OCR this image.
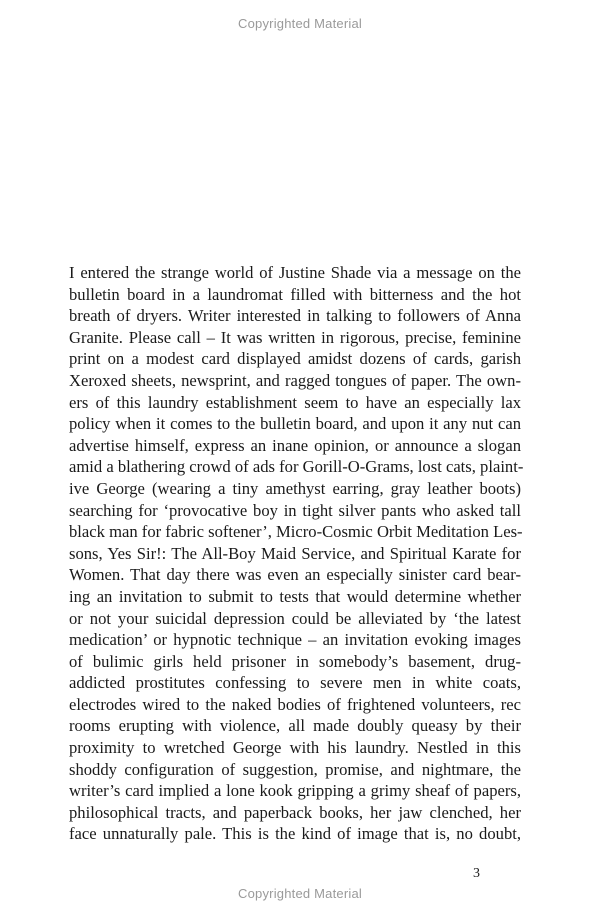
Copyrighted Material
I entered the strange world of Justine Shade via a message on the
bulletin board in a laundromat filled with bitterness and the hot
breath of dryers. Writer interested in talking to followers of Anna
Granite. Please call – It was written in rigorous, precise, feminine
print on a modest card displayed amidst dozens of cards, garish
Xeroxed sheets, newsprint, and ragged tongues of paper. The own-
ers of this laundry establishment seem to have an especially lax
policy when it comes to the bulletin board, and upon it any nut can
advertise himself, express an inane opinion, or announce a slogan
amid a blathering crowd of ads for Gorill-O-Grams, lost cats, plaint-
ive George (wearing a tiny amethyst earring, gray leather boots)
searching for ‘provocative boy in tight silver pants who asked tall
black man for fabric softener’, Micro-Cosmic Orbit Meditation Les-
sons, Yes Sir!: The All-Boy Maid Service, and Spiritual Karate for
Women. That day there was even an especially sinister card bear-
ing an invitation to submit to tests that would determine whether
or not your suicidal depression could be alleviated by ‘the latest
medication’ or hypnotic technique – an invitation evoking images
of bulimic girls held prisoner in somebody’s basement, drug-
addicted prostitutes confessing to severe men in white coats,
electrodes wired to the naked bodies of frightened volunteers, rec
rooms erupting with violence, all made doubly queasy by their
proximity to wretched George with his laundry. Nestled in this
shoddy configuration of suggestion, promise, and nightmare, the
writer’s card implied a lone kook gripping a grimy sheaf of papers,
philosophical tracts, and paperback books, her jaw clenched, her
face unnaturally pale. This is the kind of image that is, no doubt,
3
Copyrighted Material
